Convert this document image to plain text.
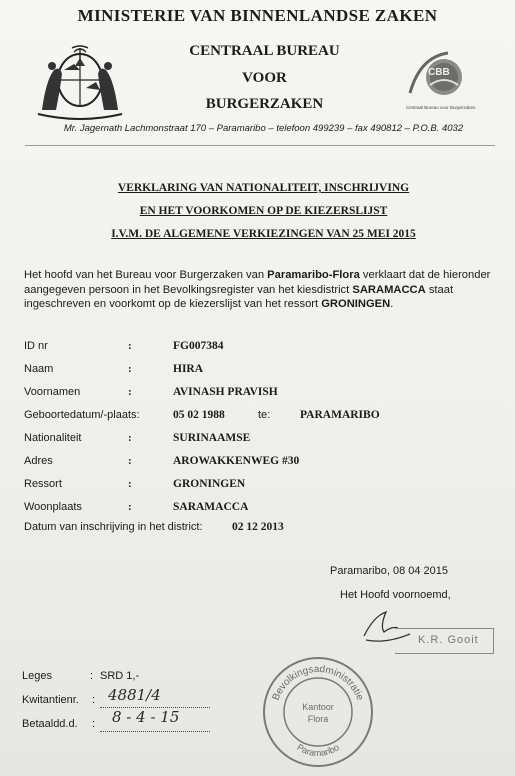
CBB
Centraal Bureau voor Burgerzaken
MINISTERIE VAN BINNENLANDSE ZAKEN
CENTRAAL BUREAU
VOOR
BURGERZAKEN
Mr. Jagernath Lachmonstraat 170 – Paramaribo – telefoon 499239 – fax 490812 – P.O.B. 4032
VERKLARING VAN NATIONALITEIT, INSCHRIJVING
EN HET VOORKOMEN OP DE KIEZERSLIJST
I.V.M. DE ALGEMENE VERKIEZINGEN VAN 25 MEI 2015
Het hoofd van het Bureau voor Burgerzaken van Paramaribo-Flora verklaart dat de hieronder aangegeven persoon in het Bevolkingsregister van het kiesdistrict SARAMACCA staat ingeschreven en voorkomt op de kiezerslijst van het ressort GRONINGEN.
ID nr	:	FG007384
Naam	:	HIRA
Voornamen	:	AVINASH PRAVISH
Geboortedatum/-plaats:	05 02 1988	te:	PARAMARIBO
Nationaliteit	:	SURINAAMSE
Adres	:	AROWAKKENWEG #30
Ressort	:	GRONINGEN
Woonplaats	:	SARAMACCA
Datum van inschrijving in het district:	02 12 2013
Paramaribo, 08 04 2015
Het Hoofd voornoemd,
K.R. Gooit
Leges	: SRD 1,-
Kwitantienr. : 4881/4
Betaaldd.d. : 8 - 4 - 15
Bevolkingsadministratie
Paramaribo
Kantoor
Flora
